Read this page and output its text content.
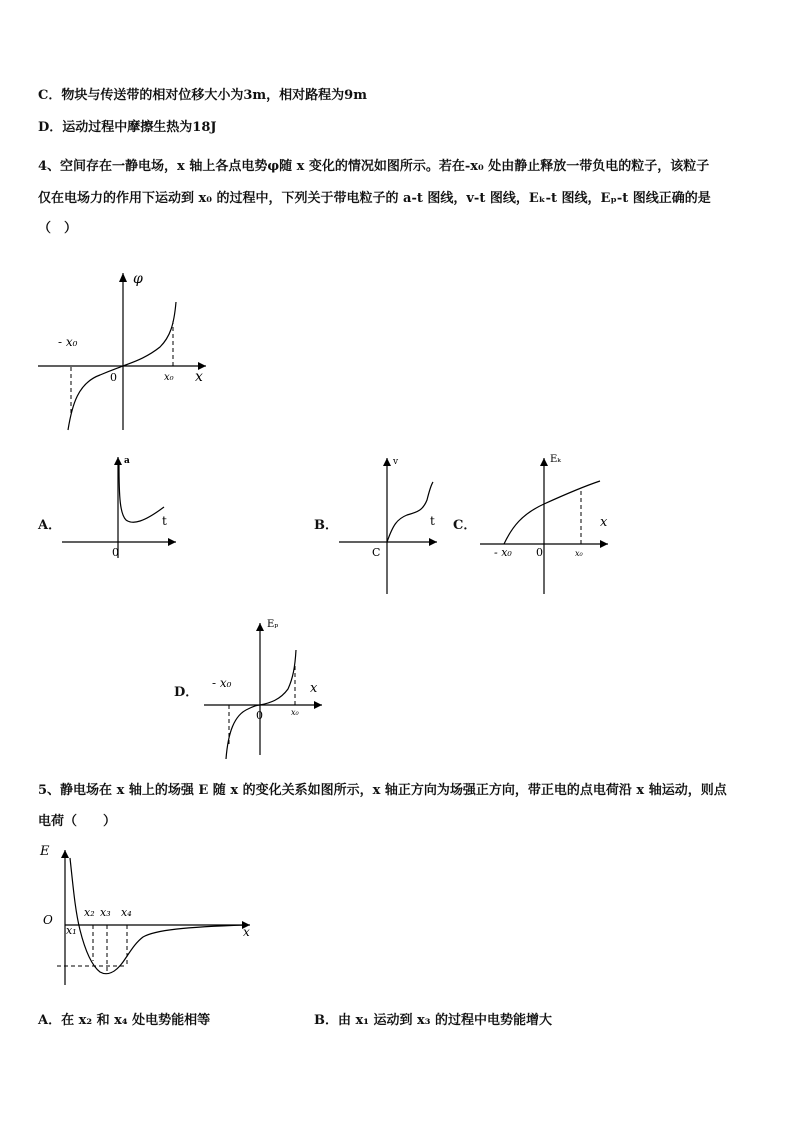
C．物块与传送带的相对位移大小为3m，相对路程为9m
D．运动过程中摩擦生热为18J
4、空间存在一静电场，x 轴上各点电势φ随 x 变化的情况如图所示。若在-x₀ 处由静止释放一带负电的粒子，该粒子
仅在电场力的作用下运动到 x₀ 的过程中，下列关于带电粒子的 a-t 图线，v-t 图线，Eₖ-t 图线，Eₚ-t 图线正确的是
（　）
φ
x
0
- x₀
x₀
A．
a
t
0
B．
v
t
C
C．
Eₖ
x
0
- x₀	x₀
D．
Eₚ
x
0
- x₀
x₀
5、静电场在 x 轴上的场强 E 随 x 的变化关系如图所示，x 轴正方向为场强正方向，带正电的点电荷沿 x 轴运动，则点
电荷（　　）
E
x
O
x₁
x₂ x₃ x₄
A．在 x₂ 和 x₄ 处电势能相等	B．由 x₁ 运动到 x₃ 的过程中电势能增大
